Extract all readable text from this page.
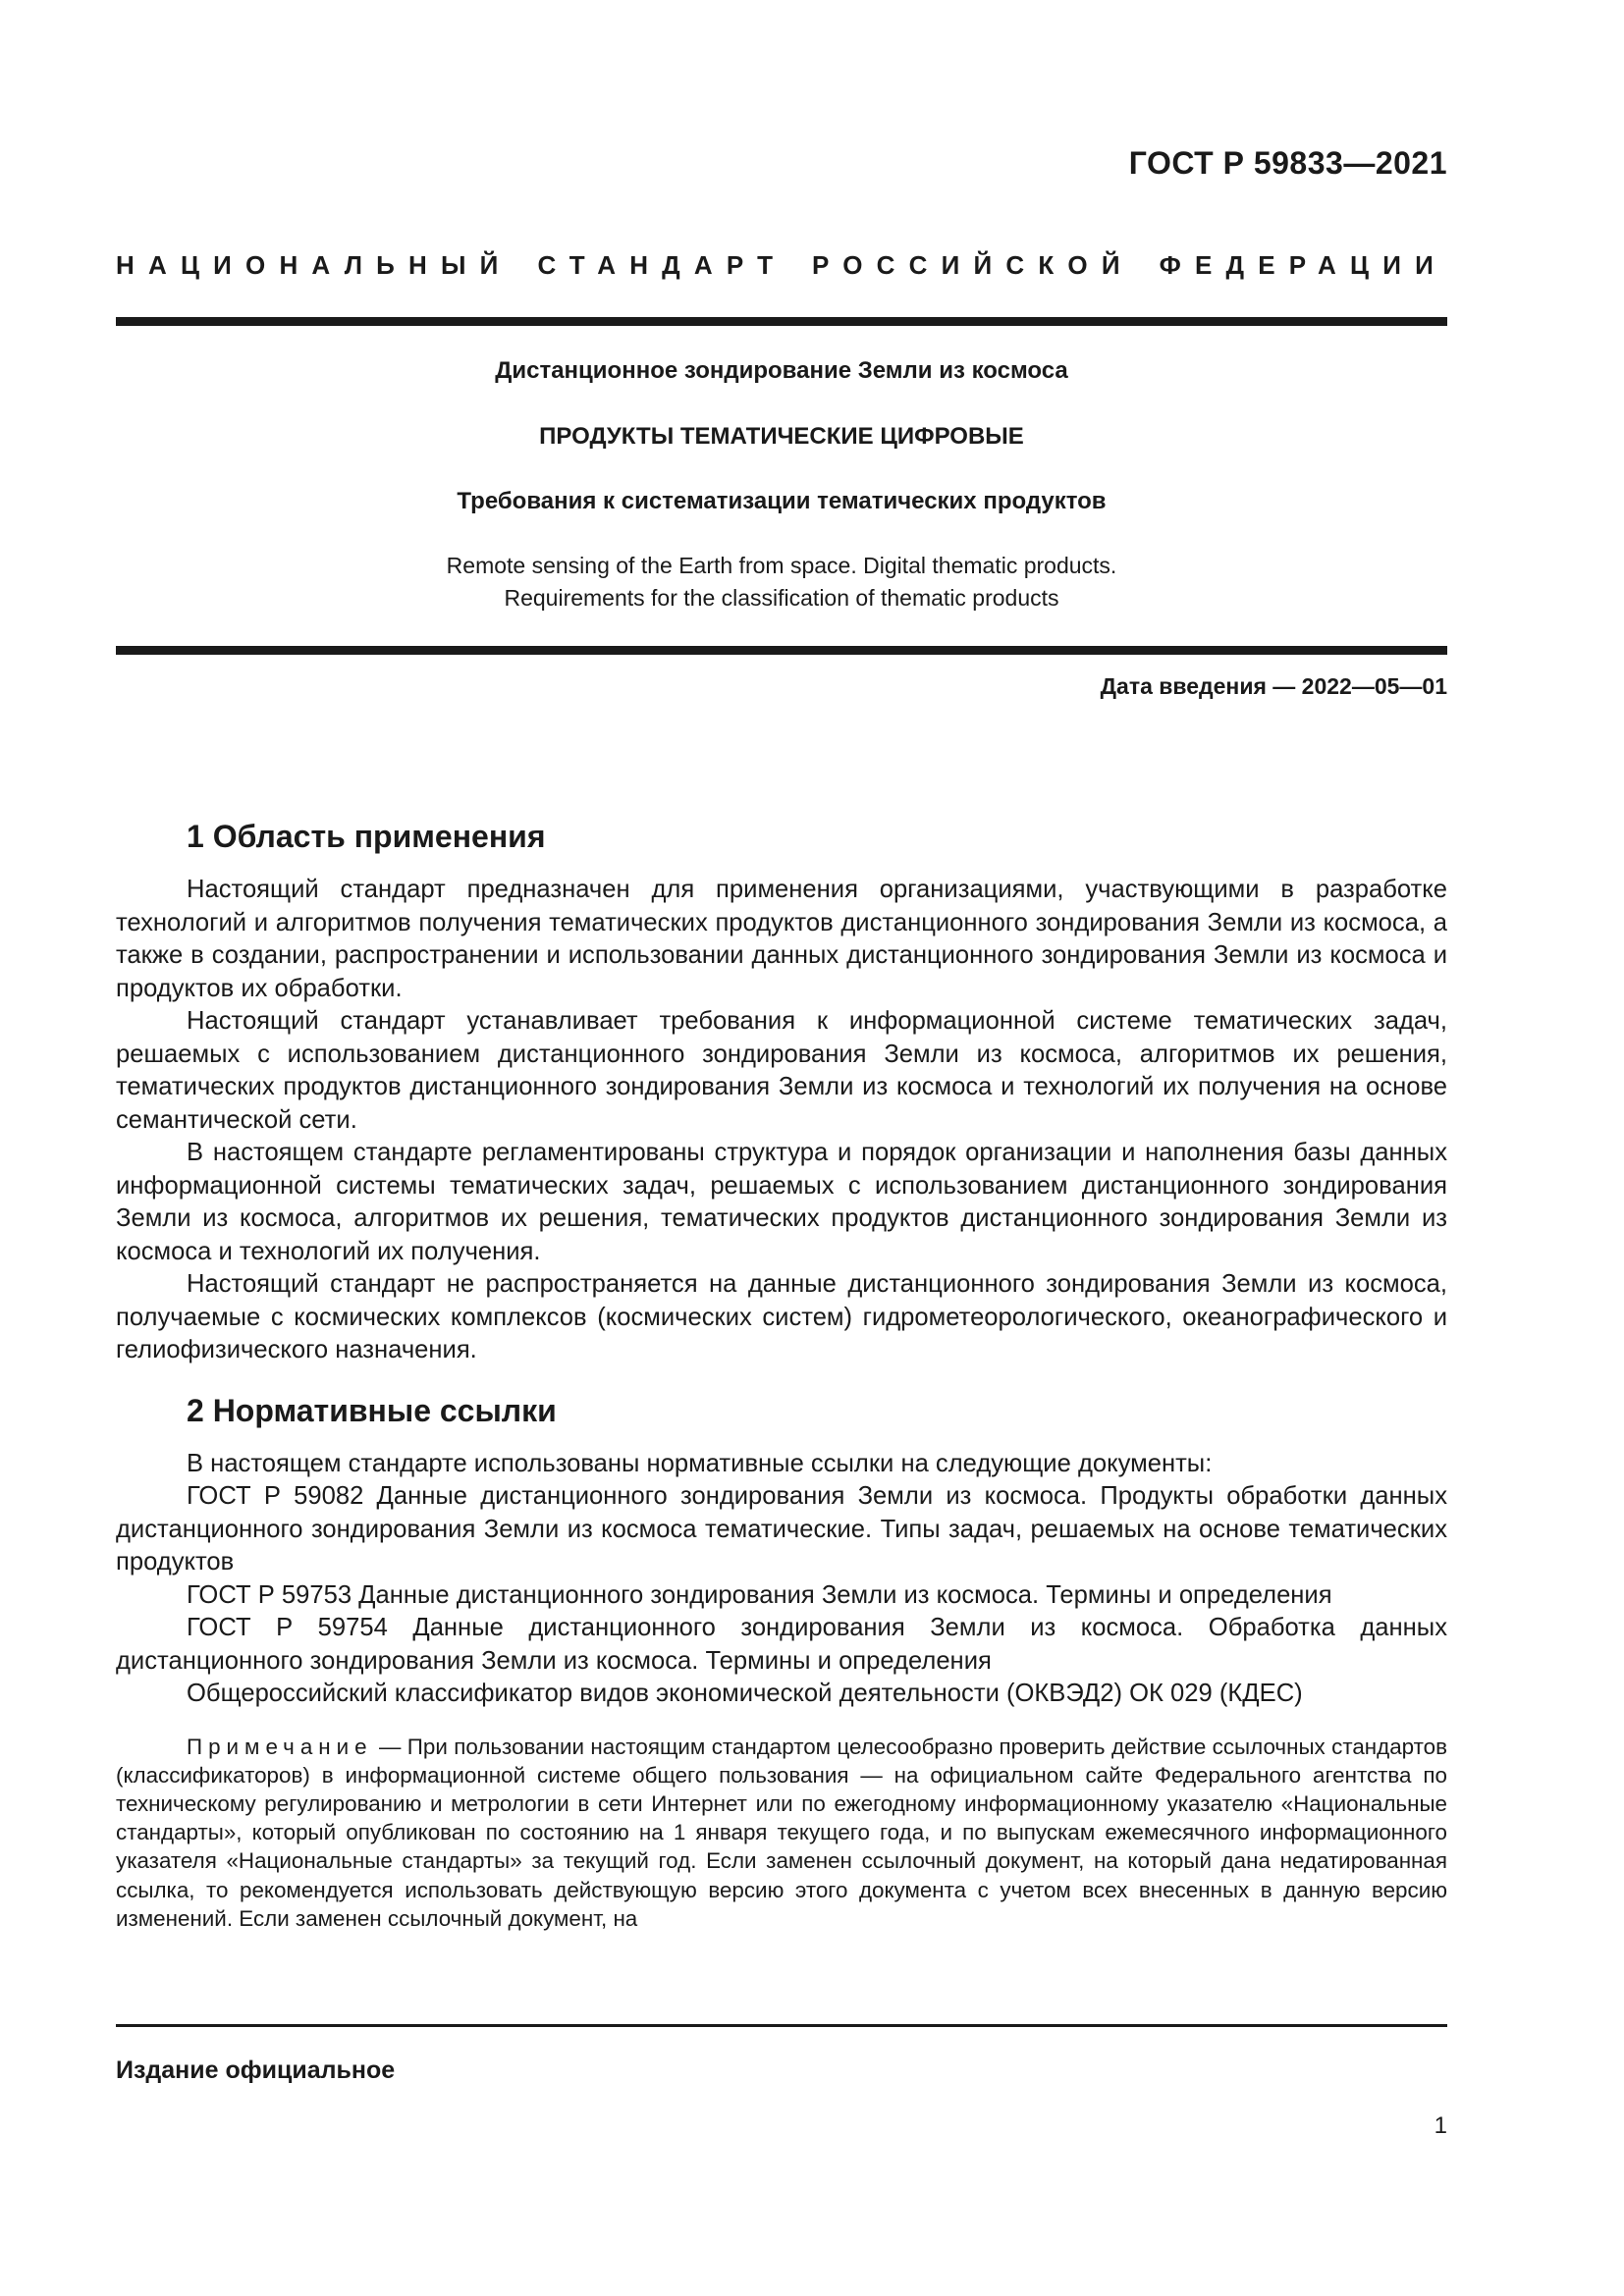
ГОСТ Р 59833—2021
НАЦИОНАЛЬНЫЙ СТАНДАРТ РОССИЙСКОЙ ФЕДЕРАЦИИ
Дистанционное зондирование Земли из космоса
ПРОДУКТЫ ТЕМАТИЧЕСКИЕ ЦИФРОВЫЕ
Требования к систематизации тематических продуктов
Remote sensing of the Earth from space. Digital thematic products.
Requirements for the classification of thematic products
Дата введения — 2022—05—01
1 Область применения

Настоящий стандарт предназначен для применения организациями, участвующими в разработке технологий и алгоритмов получения тематических продуктов дистанционного зондирования Земли из космоса, а также в создании, распространении и использовании данных дистанционного зондирования Земли из космоса и продуктов их обработки.

Настоящий стандарт устанавливает требования к информационной системе тематических задач, решаемых с использованием дистанционного зондирования Земли из космоса, алгоритмов их решения, тематических продуктов дистанционного зондирования Земли из космоса и технологий их получения на основе семантической сети.

В настоящем стандарте регламентированы структура и порядок организации и наполнения базы данных информационной системы тематических задач, решаемых с использованием дистанционного зондирования Земли из космоса, алгоритмов их решения, тематических продуктов дистанционного зондирования Земли из космоса и технологий их получения.

Настоящий стандарт не распространяется на данные дистанционного зондирования Земли из космоса, получаемые с космических комплексов (космических систем) гидрометеорологического, океанографического и гелиофизического назначения.

2 Нормативные ссылки

В настоящем стандарте использованы нормативные ссылки на следующие документы:

ГОСТ Р 59082 Данные дистанционного зондирования Земли из космоса. Продукты обработки данных дистанционного зондирования Земли из космоса тематические. Типы задач, решаемых на основе тематических продуктов

ГОСТ Р 59753 Данные дистанционного зондирования Земли из космоса. Термины и определения

ГОСТ Р 59754 Данные дистанционного зондирования Земли из космоса. Обработка данных дистанционного зондирования Земли из космоса. Термины и определения

Общероссийский классификатор видов экономической деятельности (ОКВЭД2) ОК 029 (КДЕС)

Примечание — При пользовании настоящим стандартом целесообразно проверить действие ссылочных стандартов (классификаторов) в информационной системе общего пользования — на официальном сайте Федерального агентства по техническому регулированию и метрологии в сети Интернет или по ежегодному информационному указателю «Национальные стандарты», который опубликован по состоянию на 1 января текущего года, и по выпускам ежемесячного информационного указателя «Национальные стандарты» за текущий год. Если заменен ссылочный документ, на который дана недатированная ссылка, то рекомендуется использовать действующую версию этого документа с учетом всех внесенных в данную версию изменений. Если заменен ссылочный документ, на

Издание официальное
1
